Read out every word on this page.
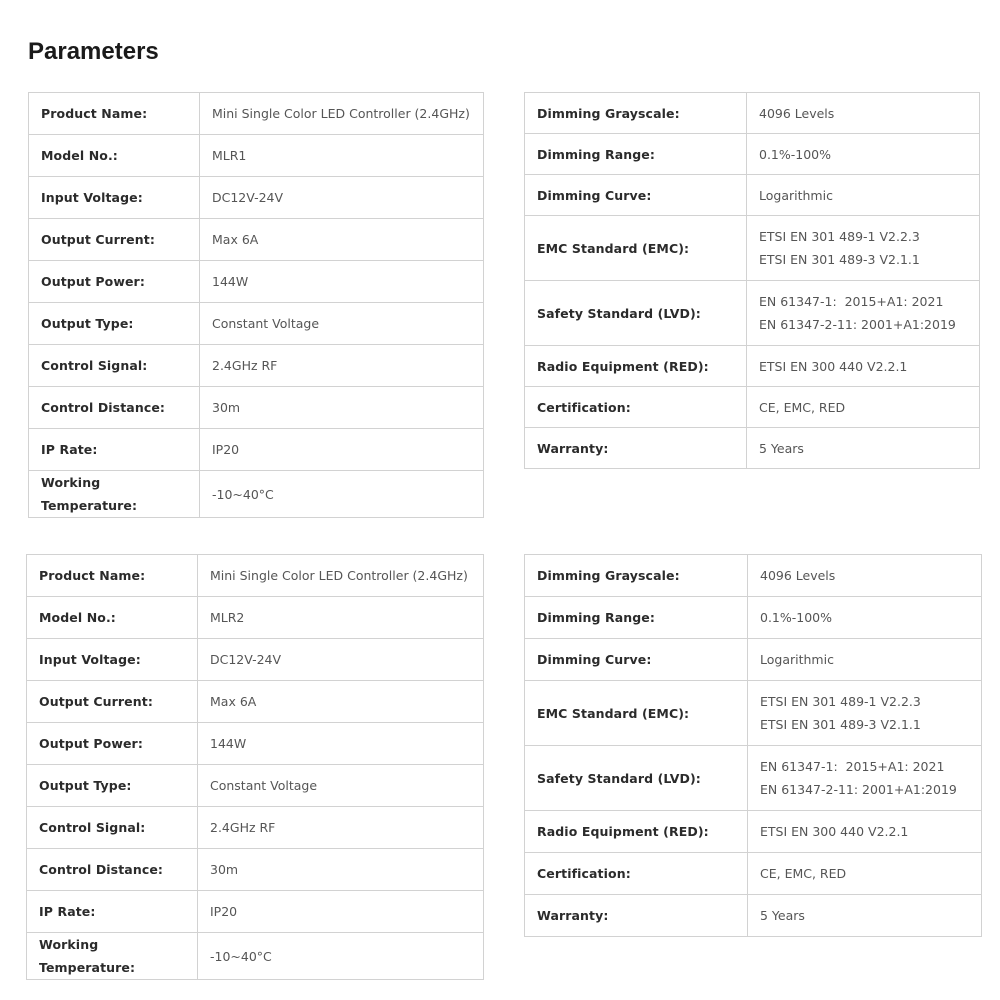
Parameters
Product Name:	Mini Single Color LED Controller (2.4GHz)
Model No.:	MLR1
Input Voltage:	DC12V-24V
Output Current:	Max 6A
Output Power:	144W
Output Type:	Constant Voltage
Control Signal:	2.4GHz RF
Control Distance:	30m
IP Rate:	IP20
Working Temperature:	-10~40°C
Dimming Grayscale:	4096 Levels
Dimming Range:	0.1%-100%
Dimming Curve:	Logarithmic
EMC Standard (EMC):	ETSI EN 301 489-1 V2.2.3
ETSI EN 301 489-3 V2.1.1

Safety Standard (LVD):	EN 61347-1:  2015+A1: 2021
EN 61347-2-11: 2001+A1:2019

Radio Equipment (RED):	ETSI EN 300 440 V2.2.1
Certification:	CE, EMC, RED
Warranty:	5 Years
Product Name:	Mini Single Color LED Controller (2.4GHz)
Model No.:	MLR2
Input Voltage:	DC12V-24V
Output Current:	Max 6A
Output Power:	144W
Output Type:	Constant Voltage
Control Signal:	2.4GHz RF
Control Distance:	30m
IP Rate:	IP20
Working Temperature:	-10~40°C
Dimming Grayscale:	4096 Levels
Dimming Range:	0.1%-100%
Dimming Curve:	Logarithmic
EMC Standard (EMC):	ETSI EN 301 489-1 V2.2.3
ETSI EN 301 489-3 V2.1.1

Safety Standard (LVD):	EN 61347-1:  2015+A1: 2021
EN 61347-2-11: 2001+A1:2019

Radio Equipment (RED):	ETSI EN 300 440 V2.2.1
Certification:	CE, EMC, RED
Warranty:	5 Years
